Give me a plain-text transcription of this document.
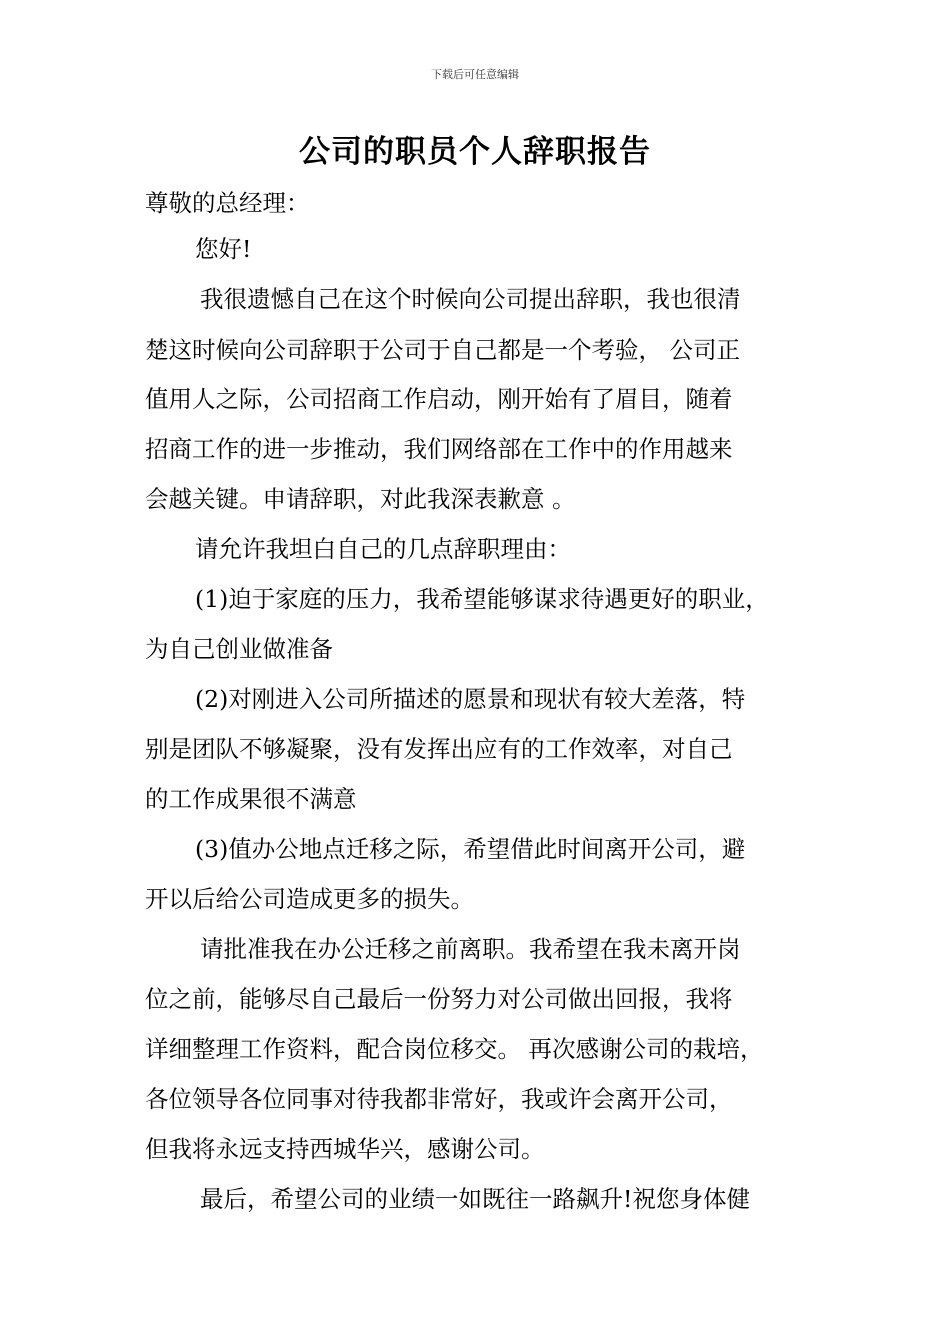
下载后可任意编辑
公司的职员个人辞职报告
尊敬的总经理：
您好!
我很遗憾自己在这个时候向公司提出辞职，我也很清
楚这时候向公司辞职于公司于自己都是一个考验， 公司正
值用人之际，公司招商工作启动，刚开始有了眉目，随着
招商工作的进一步推动，我们网络部在工作中的作用越来
会越关键。申请辞职，对此我深表歉意 。
请允许我坦白自己的几点辞职理由：
(1)迫于家庭的压力，我希望能够谋求待遇更好的职业，
为自己创业做准备
(2)对刚进入公司所描述的愿景和现状有较大差落，特
别是团队不够凝聚，没有发挥出应有的工作效率，对自己
的工作成果很不满意
(3)值办公地点迁移之际，希望借此时间离开公司，避
开以后给公司造成更多的损失。
请批准我在办公迁移之前离职。我希望在我未离开岗
位之前，能够尽自己最后一份努力对公司做出回报，我将
详细整理工作资料，配合岗位移交。 再次感谢公司的栽培，
各位领导各位同事对待我都非常好，我或许会离开公司，
但我将永远支持西城华兴，感谢公司。
最后，希望公司的业绩一如既往一路飙升!祝您身体健
